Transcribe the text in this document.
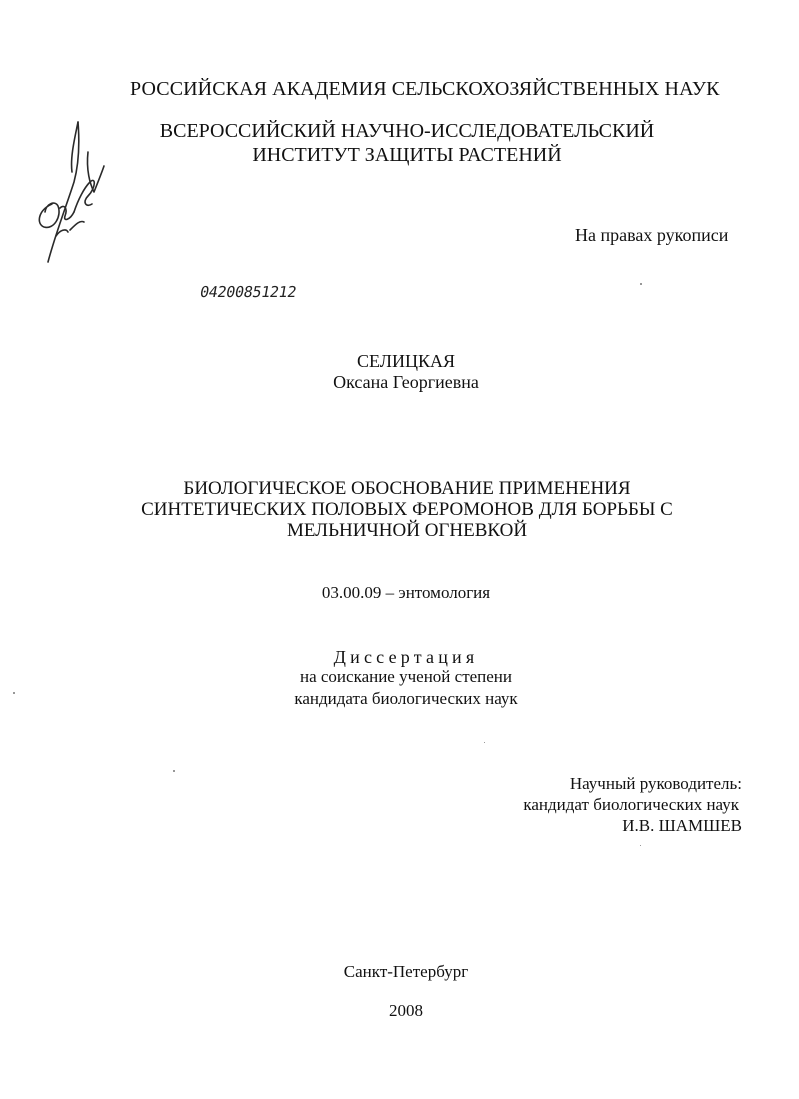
РОССИЙСКАЯ АКАДЕМИЯ СЕЛЬСКОХОЗЯЙСТВЕННЫХ НАУК
ВСЕРОССИЙСКИЙ НАУЧНО-ИССЛЕДОВАТЕЛЬСКИЙ ИНСТИТУТ ЗАЩИТЫ РАСТЕНИЙ
На правах рукописи
04200851212
СЕЛИЦКАЯ
Оксана Георгиевна
БИОЛОГИЧЕСКОЕ ОБОСНОВАНИЕ ПРИМЕНЕНИЯ СИНТЕТИЧЕСКИХ ПОЛОВЫХ ФЕРОМОНОВ ДЛЯ БОРЬБЫ С МЕЛЬНИЧНОЙ ОГНЕВКОЙ
03.00.09 – энтомология
Диссертация
на соискание ученой степени
кандидата биологических наук
Научный руководитель:
кандидат биологических наук
И.В. ШАМШЕВ
Санкт-Петербург
2008
